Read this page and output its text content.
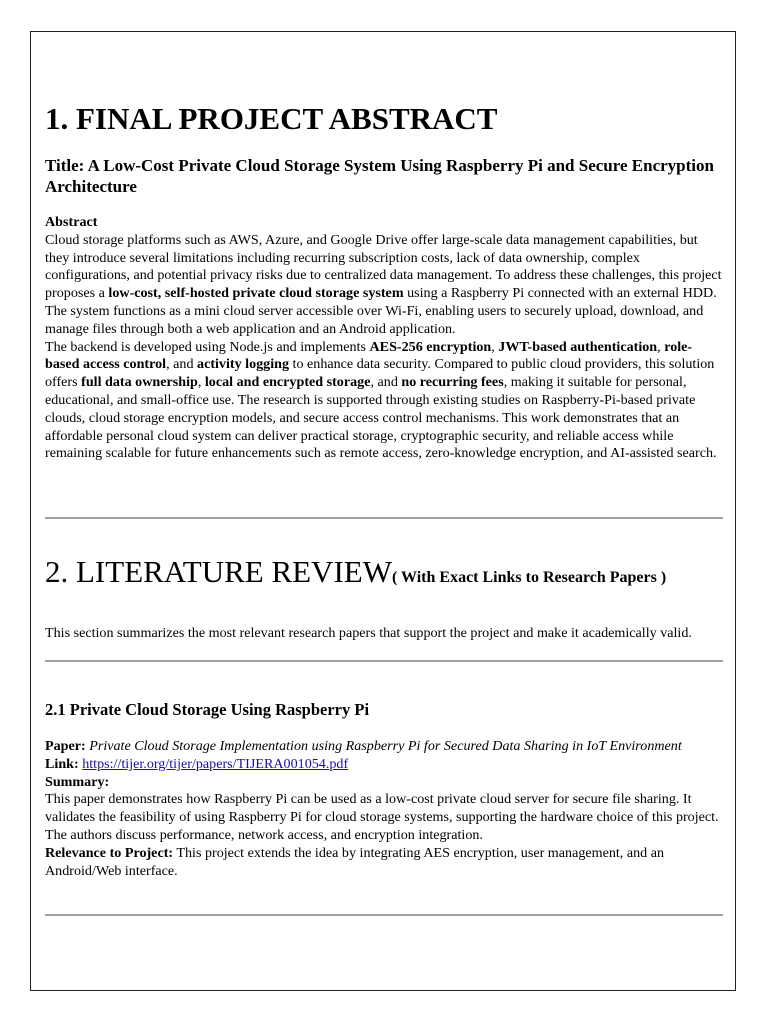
1. FINAL PROJECT ABSTRACT
Title: A Low-Cost Private Cloud Storage System Using Raspberry Pi and Secure Encryption Architecture

Abstract

Cloud storage platforms such as AWS, Azure, and Google Drive offer large-scale data management capabilities, but they introduce several limitations including recurring subscription costs, lack of data ownership, complex configurations, and potential privacy risks due to centralized data management. To address these challenges, this project proposes a low-cost, self-hosted private cloud storage system using a Raspberry Pi connected with an external HDD. The system functions as a mini cloud server accessible over Wi-Fi, enabling users to securely upload, download, and manage files through both a web application and an Android application.

The backend is developed using Node.js and implements AES-256 encryption, JWT-based authentication, role-based access control, and activity logging to enhance data security. Compared to public cloud providers, this solution offers full data ownership, local and encrypted storage, and no recurring fees, making it suitable for personal, educational, and small-office use. The research is supported through existing studies on Raspberry-Pi-based private clouds, cloud storage encryption models, and secure access control mechanisms. This work demonstrates that an affordable personal cloud system can deliver practical storage, cryptographic security, and reliable access while remaining scalable for future enhancements such as remote access, zero-knowledge encryption, and AI-assisted search.

2. LITERATURE REVIEW( With Exact Links to Research Papers )

This section summarizes the most relevant research papers that support the project and make it academically valid.

2.1 Private Cloud Storage Using Raspberry Pi

Paper: Private Cloud Storage Implementation using Raspberry Pi for Secured Data Sharing in IoT Environment

Link: https://tijer.org/tijer/papers/TIJERA001054.pdf

Summary:

This paper demonstrates how Raspberry Pi can be used as a low-cost private cloud server for secure file sharing. It validates the feasibility of using Raspberry Pi for cloud storage systems, supporting the hardware choice of this project. The authors discuss performance, network access, and encryption integration.

Relevance to Project: This project extends the idea by integrating AES encryption, user management, and an Android/Web interface.
